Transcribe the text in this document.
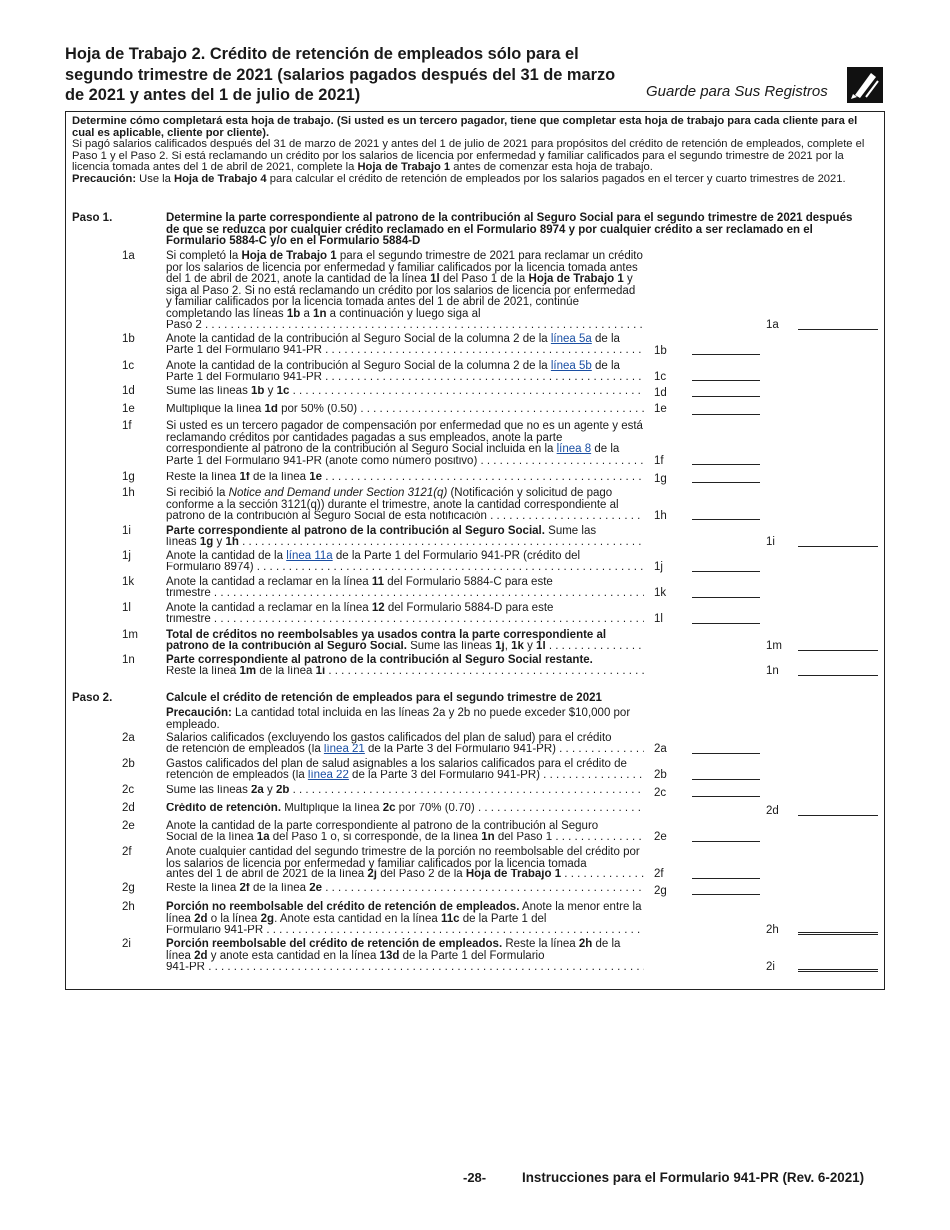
Hoja de Trabajo 2. Crédito de retención de empleados sólo para el segundo trimestre de 2021 (salarios pagados después del 31 de marzo de 2021 y antes del 1 de julio de 2021)	Guarde para Sus Registros
Determine cómo completará esta hoja de trabajo. (Si usted es un tercero pagador, tiene que completar esta hoja de trabajo para cada cliente para el cual es aplicable, cliente por cliente).
Si pagó salarios calificados después del 31 de marzo de 2021 y antes del 1 de julio de 2021 para propósitos del crédito de retención de empleados, complete el Paso 1 y el Paso 2. Si está reclamando un crédito por los salarios de licencia por enfermedad y familiar calificados para el segundo trimestre de 2021 por la licencia tomada antes del 1 de abril de 2021, complete la Hoja de Trabajo 1 antes de comenzar esta hoja de trabajo.
Precaución: Use la Hoja de Trabajo 4 para calcular el crédito de retención de empleados por los salarios pagados en el tercer y cuarto trimestres de 2021.
Paso 1.	Determine la parte correspondiente al patrono de la contribución al Seguro Social para el segundo trimestre de 2021 después de que se reduzca por cualquier crédito reclamado en el Formulario 8974 y por cualquier crédito a ser reclamado en el Formulario 5884-C y/o en el Formulario 5884-D
1a	Si completó la Hoja de Trabajo 1 para el segundo trimestre de 2021 para reclamar un crédito por los salarios de licencia por enfermedad y familiar calificados por la licencia tomada antes del 1 de abril de 2021, anote la cantidad de la línea 1l del Paso 1 de la Hoja de Trabajo 1 y siga al Paso 2. Si no está reclamando un crédito por los salarios de licencia por enfermedad y familiar calificados por la licencia tomada antes del 1 de abril de 2021, continúe completando las líneas 1b a 1n a continuación y luego siga al
Paso 2 . . .	1a
1b	Anote la cantidad de la contribución al Seguro Social de la columna 2 de la línea 5a de la
Parte 1 del Formulario 941-PR . . .	1b
1c	Anote la cantidad de la contribución al Seguro Social de la columna 2 de la línea 5b de la
Parte 1 del Formulario 941-PR . . .	1c
1d	Sume las líneas 1b y 1c . . .	1d
1e	Multiplique la línea 1d por 50% (0.50) . . .	1e
1f	Si usted es un tercero pagador de compensación por enfermedad que no es un agente y está reclamando créditos por cantidades pagadas a sus empleados, anote la parte correspondiente al patrono de la contribución al Seguro Social incluida en la línea 8 de la
Parte 1 del Formulario 941-PR (anote como número positivo) . . .	1f
1g	Reste la línea 1f de la línea 1e . . .	1g
1h	Si recibió la Notice and Demand under Section 3121(q) (Notificación y solicitud de pago conforme a la sección 3121(q)) durante el trimestre, anote la cantidad correspondiente al
patrono de la contribución al Seguro Social de esta notificación . . .	1h
1i	Parte correspondiente al patrono de la contribución al Seguro Social. Sume las
líneas 1g y 1h . . .	1i
1j	Anote la cantidad de la línea 11a de la Parte 1 del Formulario 941-PR (crédito del
Formulario 8974) . . .	1j
1k	Anote la cantidad a reclamar en la línea 11 del Formulario 5884-C para este
trimestre . . .	1k
1l	Anote la cantidad a reclamar en la línea 12 del Formulario 5884-D para este
trimestre . . .	1l
1m Total de créditos no reembolsables ya usados contra la parte correspondiente al
patrono de la contribución al Seguro Social. Sume las líneas 1j, 1k y 1l . . .	1m
1n	Parte correspondiente al patrono de la contribución al Seguro Social restante.
Reste la línea 1m de la línea 1i . . .	1n
Paso 2.	Calcule el crédito de retención de empleados para el segundo trimestre de 2021
Precaución: La cantidad total incluida en las líneas 2a y 2b no puede exceder $10,000 por empleado.
2a	Salarios calificados (excluyendo los gastos calificados del plan de salud) para el crédito
de retención de empleados (la línea 21 de la Parte 3 del Formulario 941-PR) . . .	2a
2b	Gastos calificados del plan de salud asignables a los salarios calificados para el crédito de
retención de empleados (la línea 22 de la Parte 3 del Formulario 941-PR) . . .	2b
2c	Sume las líneas 2a y 2b . . .	2c
2d	Crédito de retención. Multiplique la línea 2c por 70% (0.70) . . .	2d
2e	Anote la cantidad de la parte correspondiente al patrono de la contribución al Seguro
Social de la línea 1a del Paso 1 o, si corresponde, de la línea 1n del Paso 1 . . .	2e
2f	Anote cualquier cantidad del segundo trimestre de la porción no reembolsable del crédito por los salarios de licencia por enfermedad y familiar calificados por la licencia tomada
antes del 1 de abril de 2021 de la línea 2j del Paso 2 de la Hoja de Trabajo 1 . . .	2f
2g	Reste la línea 2f de la línea 2e . . .	2g
2h	Porción no reembolsable del crédito de retención de empleados. Anote la menor entre la línea 2d o la línea 2g. Anote esta cantidad en la línea 11c de la Parte 1 del
Formulario 941-PR . . .	2h
2i	Porción reembolsable del crédito de retención de empleados. Reste la línea 2h de la línea 2d y anote esta cantidad en la línea 13d de la Parte 1 del Formulario
941-PR . . .	2i
-28-	Instrucciones para el Formulario 941-PR (Rev. 6-2021)
